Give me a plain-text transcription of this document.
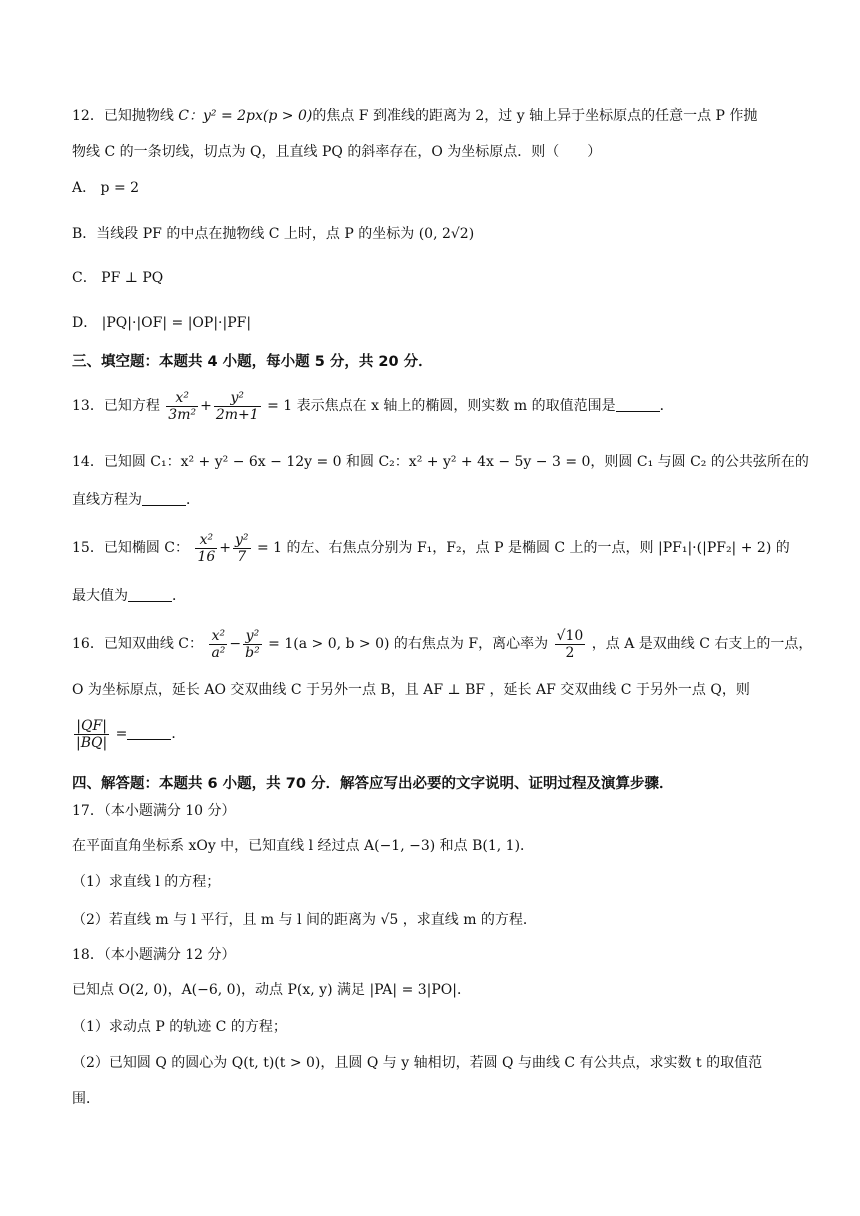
12．已知抛物线 C：y² = 2px(p > 0)的焦点 F 到准线的距离为 2，过 y 轴上异于坐标原点的任意一点 P 作抛
物线 C 的一条切线，切点为 Q，且直线 PQ 的斜率存在，O 为坐标原点．则（　　）
A． p = 2
B．当线段 PF 的中点在抛物线 C 上时，点 P 的坐标为 (0, 2√2)
C． PF ⊥ PQ
D． |PQ|·|OF| = |OP|·|PF|
三、填空题：本题共 4 小题，每小题 5 分，共 20 分．
13．已知方程 $\frac{\text{x²}}{\text{3m²}} + \frac{\text{y²}}{2m+1} = 1$ 表示焦点在 x 轴上的椭圆，则实数 m 的取值范围是	．
14．已知圆 C₁：x² + y² − 6x − 12y = 0 和圆 C₂：x² + y² + 4x − 5y − 3 = 0，则圆 C₁ 与圆 C₂ 的公共弦所在的
直线方程为	．
15．已知椭圆 C： $\frac{\text{x²}}{16} + \frac{\text{y²}}{7} = 1$ 的左、右焦点分别为 F₁，F₂，点 P 是椭圆 C 上的一点，则 |PF₁|·(|PF₂| + 2) 的
最大值为	．
16．已知双曲线 C： $\frac{\text{x²}}{\text{a²}} - \frac{\text{y²}}{\text{b²}} = 1(a > 0$, b > 0) 的右焦点为 F，离心率为 $\frac{√10}{2}$ ，点 A 是双曲线 C 右支上的一点，
O 为坐标原点，延长 AO 交双曲线 C 于另外一点 B，且 AF ⊥ BF ，延长 AF 交双曲线 C 于另外一点 Q，则
$\frac{|QF|}{|BQ|}$ =	．
四、解答题：本题共 6 小题，共 70 分．解答应写出必要的文字说明、证明过程及演算步骤．
17．（本小题满分 10 分）
在平面直角坐标系 xOy 中，已知直线 l 经过点 A(−1, −3) 和点 B(1, 1)．
（1）求直线 l 的方程；
（2）若直线 m 与 l 平行，且 m 与 l 间的距离为 √5 ，求直线 m 的方程．
18．（本小题满分 12 分）
已知点 O(2, 0)，A(−6, 0)，动点 P(x, y) 满足 |PA| = 3|PO|．
（1）求动点 P 的轨迹 C 的方程；
（2）已知圆 Q 的圆心为 Q(t, t)(t > 0)，且圆 Q 与 y 轴相切，若圆 Q 与曲线 C 有公共点，求实数 t 的取值范
围．
